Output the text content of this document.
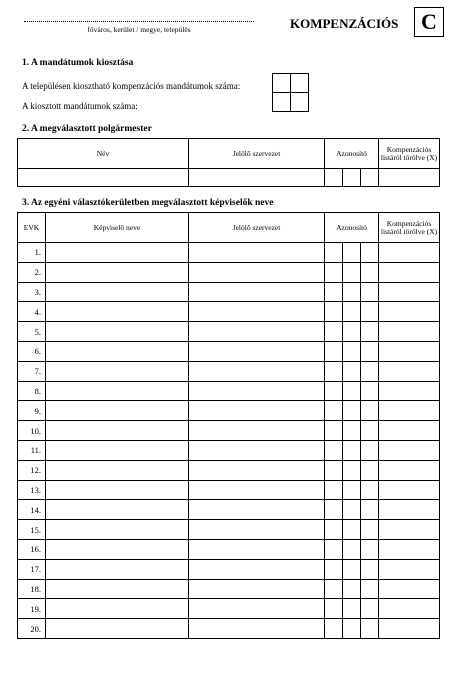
főváros, kerület / megye, település	KOMPENZÁCIÓS	C
1. A mandátumok kiosztása
A településen kiosztható kompenzációs mandátumok száma:
A kiosztott mandátumok száma:
2. A megválasztott polgármester
Név	Jelölő szervezet	Azonosító			Kompenzációs listáról törölve (X)

3. Az egyéni választókerületben megválasztott képviselők neve
EVK	Képviselő neve	Jelölő szervezet	Azonosító			Kompenzációs listáról törölve (X)
1.						
2.						
3.						
4.						
5.						
6.						
7.						
8.						
9.						
10.						
11.						
12.						
13.						
14.						
15.						
16.						
17.						
18.						
19.						
20.						
